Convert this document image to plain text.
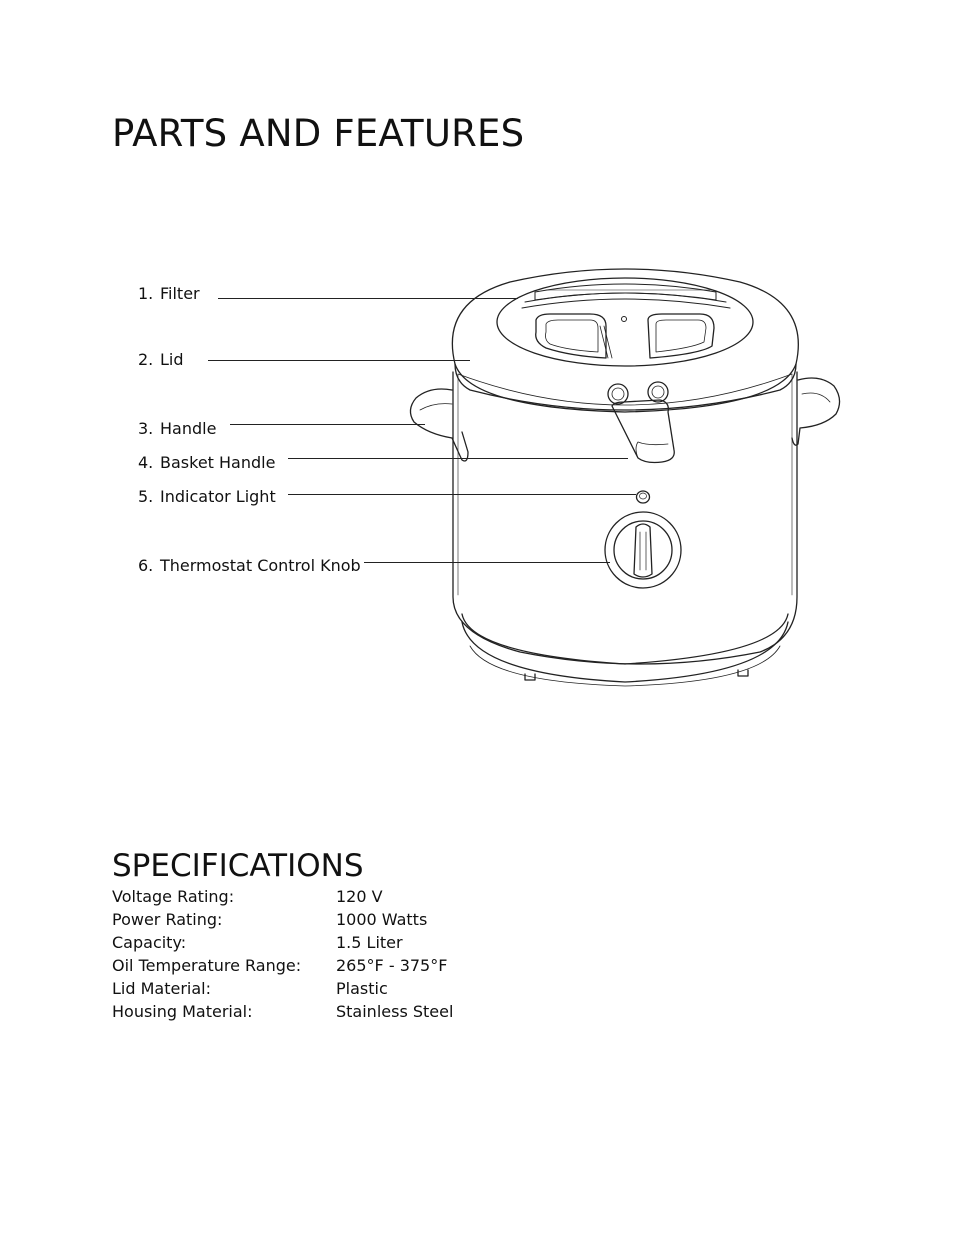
PARTS AND FEATURES
1. Filter
2. Lid
3. Handle
4. Basket Handle
5. Indicator Light
6. Thermostat Control Knob
SPECIFICATIONS
Voltage Rating:	120 V
Power Rating:	1000 Watts
Capacity:	1.5 Liter
Oil Temperature Range:	265°F - 375°F
Lid Material:	Plastic
Housing Material:	Stainless Steel
